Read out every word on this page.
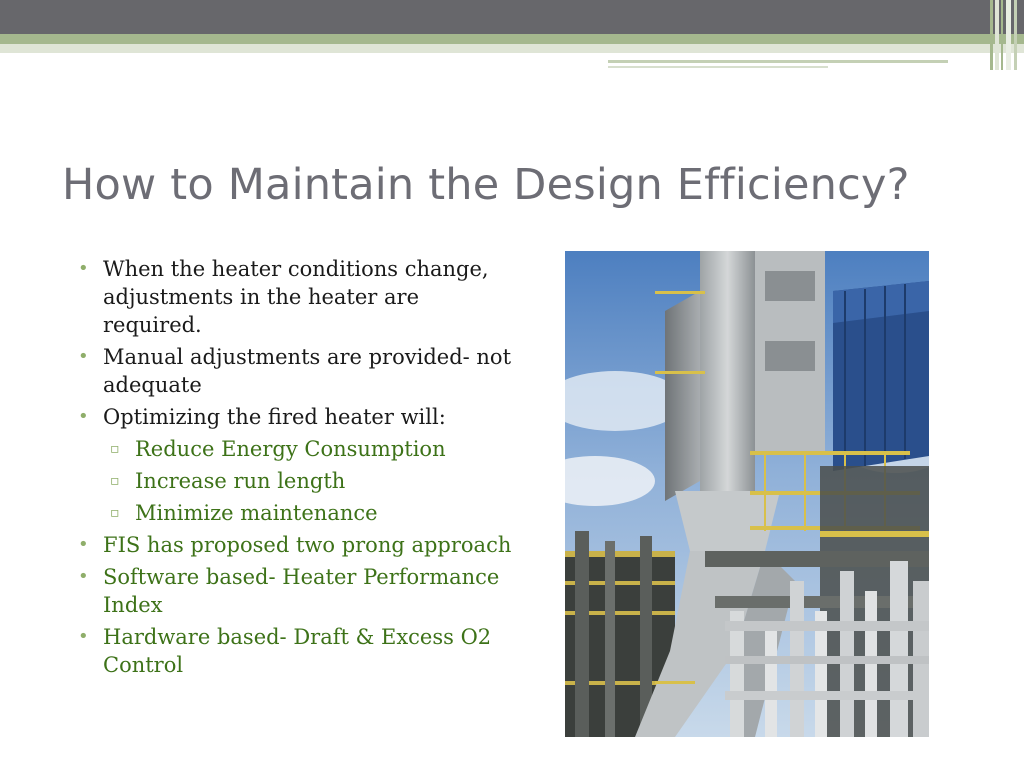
How to Maintain the Design Efficiency?
• When the heater conditions change, adjustments in the heater are required.
• Manual adjustments are provided- not adequate
• Optimizing the fired heater will:
▫ Reduce Energy Consumption
▫ Increase run length
▫ Minimize maintenance
• FIS has proposed two prong approach
• Software based- Heater Performance Index
• Hardware based- Draft & Excess O2 Control
